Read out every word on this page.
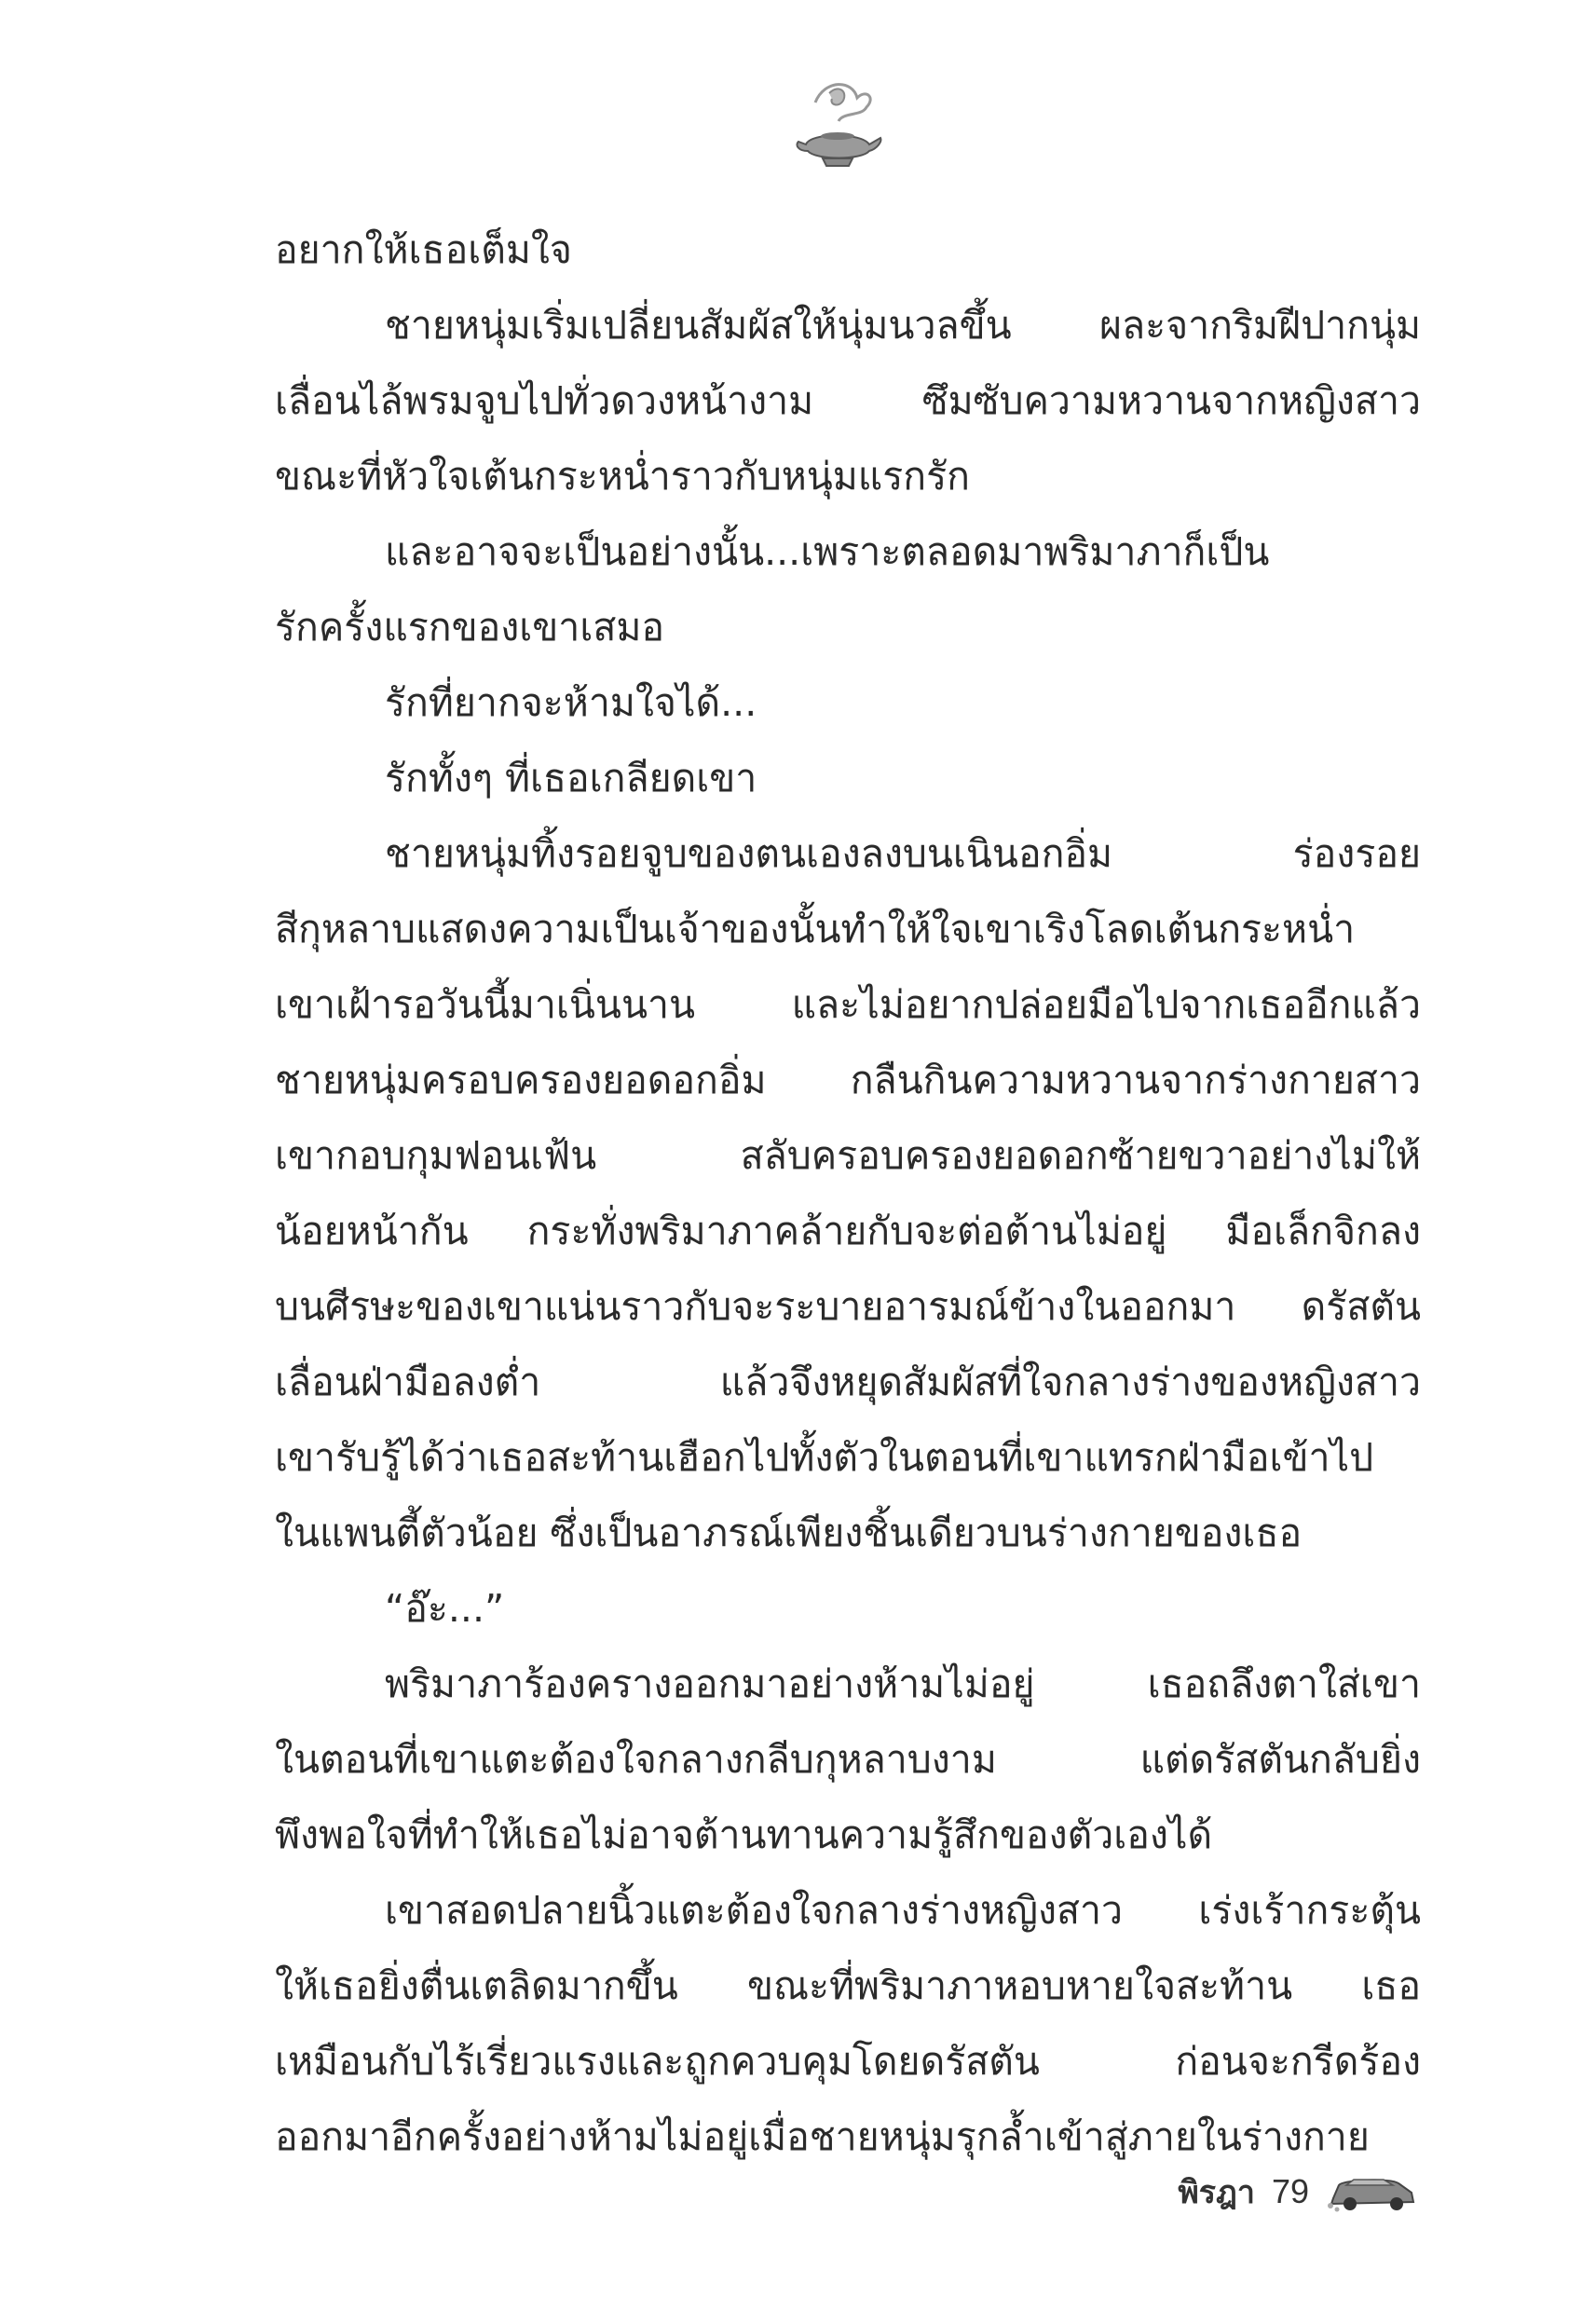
อยากให้เธอเต็มใจ
ชายหนุ่มเริ่มเปลี่ยนสัมผัสให้นุ่มนวลขึ้น ผละจากริมฝีปากนุ่ม
เลื่อนไล้พรมจูบไปทั่วดวงหน้างาม ซึมซับความหวานจากหญิงสาว
ขณะที่หัวใจเต้นกระหน่ำราวกับหนุ่มแรกรัก
และอาจจะเป็นอย่างนั้น...เพราะตลอดมาพริมาภาก็เป็น
รักครั้งแรกของเขาเสมอ
รักที่ยากจะห้ามใจได้...
รักทั้งๆ ที่เธอเกลียดเขา
ชายหนุ่มทิ้งรอยจูบของตนเองลงบนเนินอกอิ่ม ร่องรอย
สีกุหลาบแสดงความเป็นเจ้าของนั้นทำให้ใจเขาเริงโลดเต้นกระหน่ำ
เขาเฝ้ารอวันนี้มาเนิ่นนาน และไม่อยากปล่อยมือไปจากเธออีกแล้ว
ชายหนุ่มครอบครองยอดอกอิ่ม กลืนกินความหวานจากร่างกายสาว
เขากอบกุมฟอนเฟ้น สลับครอบครองยอดอกซ้ายขวาอย่างไม่ให้
น้อยหน้ากัน กระทั่งพริมาภาคล้ายกับจะต่อต้านไม่อยู่ มือเล็กจิกลง
บนศีรษะของเขาแน่นราวกับจะระบายอารมณ์ข้างในออกมา ดรัสตัน
เลื่อนฝ่ามือลงต่ำ แล้วจึงหยุดสัมผัสที่ใจกลางร่างของหญิงสาว
เขารับรู้ได้ว่าเธอสะท้านเฮือกไปทั้งตัวในตอนที่เขาแทรกฝ่ามือเข้าไป
ในแพนตี้ตัวน้อย ซึ่งเป็นอาภรณ์เพียงชิ้นเดียวบนร่างกายของเธอ
“อ๊ะ...”
พริมาภาร้องครางออกมาอย่างห้ามไม่อยู่ เธอถลึงตาใส่เขา
ในตอนที่เขาแตะต้องใจกลางกลีบกุหลาบงาม แต่ดรัสตันกลับยิ่ง
พึงพอใจที่ทำให้เธอไม่อาจต้านทานความรู้สึกของตัวเองได้
เขาสอดปลายนิ้วแตะต้องใจกลางร่างหญิงสาว เร่งเร้ากระตุ้น
ให้เธอยิ่งตื่นเตลิดมากขึ้น ขณะที่พริมาภาหอบหายใจสะท้าน เธอ
เหมือนกับไร้เรี่ยวแรงและถูกควบคุมโดยดรัสตัน ก่อนจะกรีดร้อง
ออกมาอีกครั้งอย่างห้ามไม่อยู่เมื่อชายหนุ่มรุกล้ำเข้าสู่ภายในร่างกาย
พิรฎา 79
